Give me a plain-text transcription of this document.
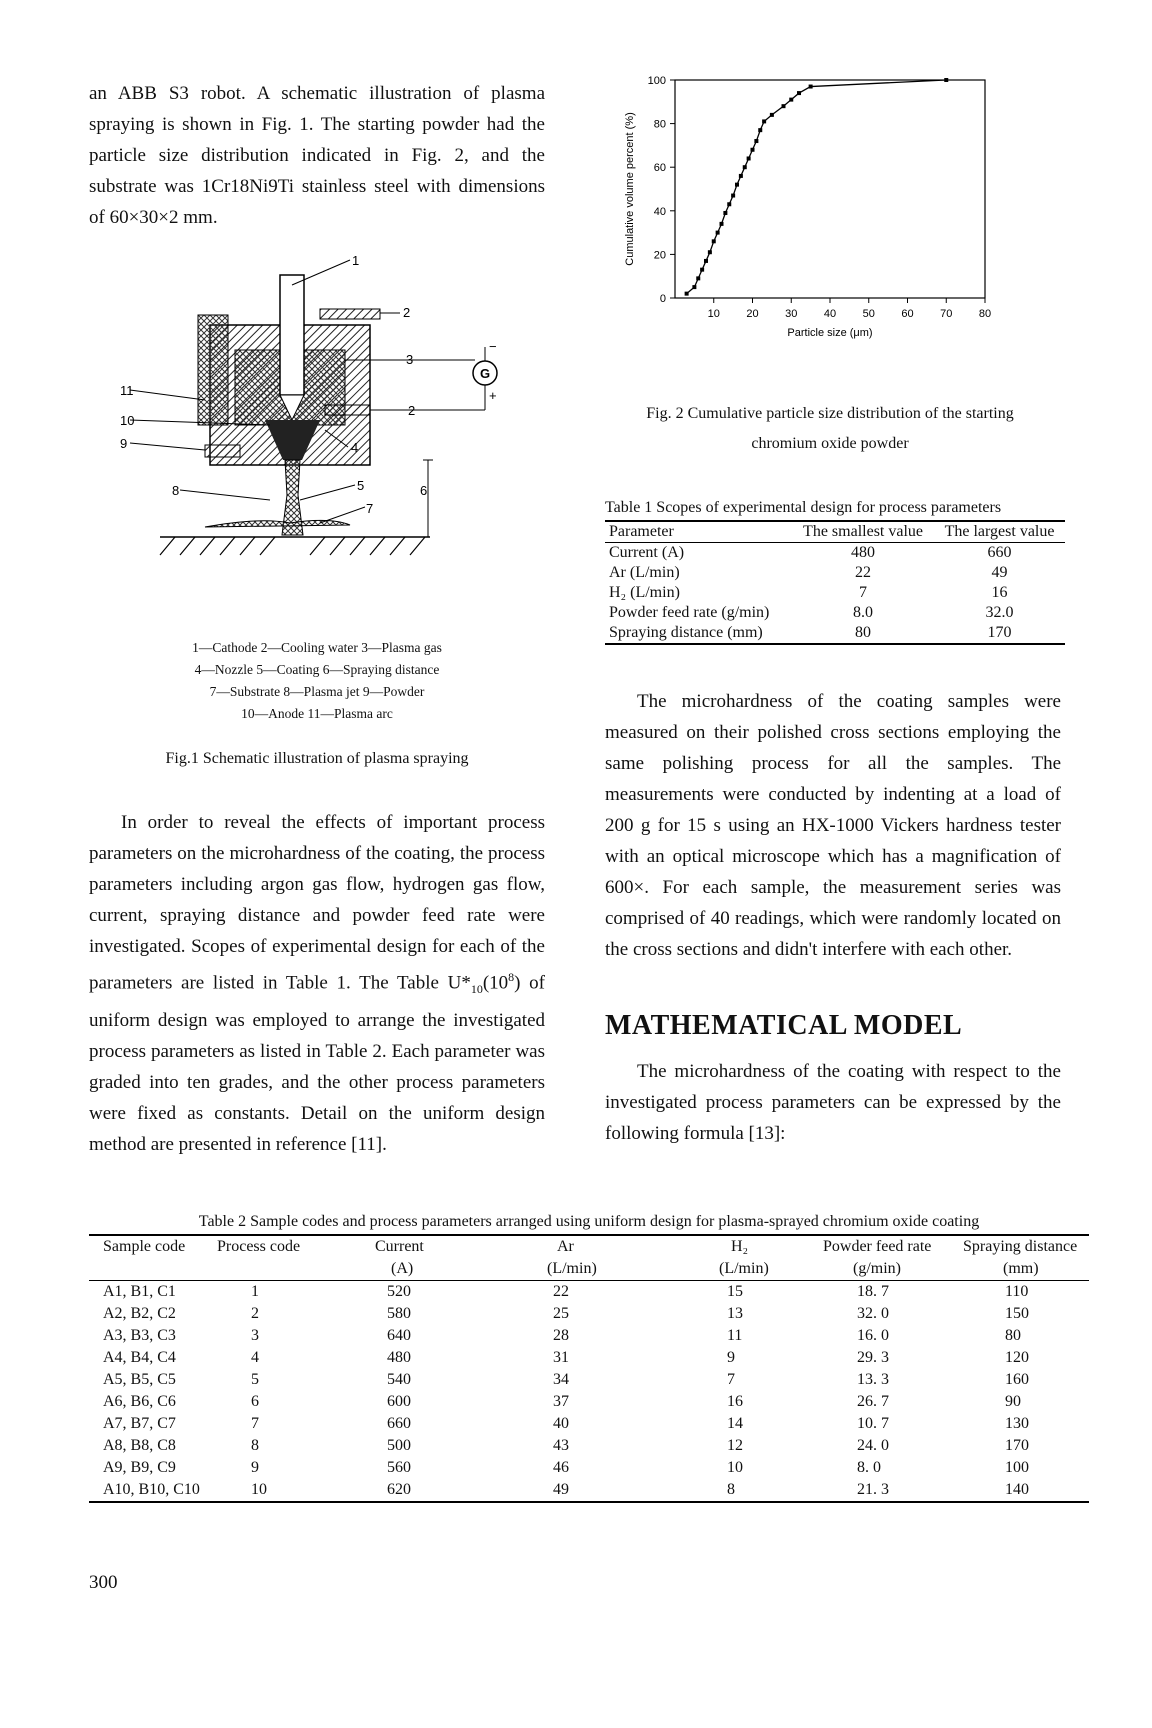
an ABB S3 robot. A schematic illustration of plasma spraying is shown in Fig. 1. The starting powder had the particle size distribution indicated in Fig. 2, and the substrate was 1Cr18Ni9Ti stainless steel with dimensions of 60×30×2 mm.

1
2
3
2
4
5	6
7
8
9
10
11
G
−
+
1—Cathode 2—Cooling water 3—Plasma gas
4—Nozzle 5—Coating 6—Spraying distance
7—Substrate 8—Plasma jet 9—Powder
10—Anode 11—Plasma arc
Fig.1 Schematic illustration of plasma spraying

In order to reveal the effects of important process parameters on the microhardness of the coating, the process parameters including argon gas flow, hydrogen gas flow, current, spraying distance and powder feed rate were investigated. Scopes of experimental design for each of the parameters are listed in Table 1. The Table $U*_{10}(10^8)$ of uniform design was employed to arrange the investigated process parameters as listed in Table 2. Each parameter was graded into ten grades, and the other process parameters were fixed as constants. Detail on the uniform design method are presented in reference [11].

0
20
40
60
80
100
10 20 30 40 50 60 70 80
Particle size (μm)
Cumulative volume percent (%)
Fig. 2 Cumulative particle size distribution of the starting
chromium oxide powder
Table 1 Scopes of experimental design for process parameters
Parameter	The smallest value	The largest value
Current (A)	480	660
Ar (L/min)	22	49
H₂ (L/min)	7	16
Powder feed rate (g/min)	8.0	32.0
Spraying distance (mm)	80	170

The microhardness of the coating samples were measured on their polished cross sections employing the same polishing process for all the samples. The measurements were conducted by indenting at a load of 200 g for 15 s using an HX-1000 Vickers hardness tester with an optical microscope which has a magnification of 600×. For each sample, the measurement series was comprised of 40 readings, which were randomly located on the cross sections and didn't interfere with each other.

MATHEMATICAL MODEL

The microhardness of the coating with respect to the investigated process parameters can be expressed by the following formula [13]:

Table 2 Sample codes and process parameters arranged using uniform design for plasma-sprayed chromium oxide coating
Sample code	Process code	Current	Ar	H₂	Powder feed rate	Spraying distance
		(A)	(L/min)	(L/min)	(g/min)	(mm)
A1, B1, C1	1	520	22	15	18. 7	110
A2, B2, C2	2	580	25	13	32. 0	150
A3, B3, C3	3	640	28	11	16. 0	80
A4, B4, C4	4	480	31	9	29. 3	120
A5, B5, C5	5	540	34	7	13. 3	160
A6, B6, C6	6	600	37	16	26. 7	90
A7, B7, C7	7	660	40	14	10. 7	130
A8, B8, C8	8	500	43	12	24. 0	170
A9, B9, C9	9	560	46	10	8. 0	100
A10, B10, C10	10	620	49	8	21. 3	140
300
